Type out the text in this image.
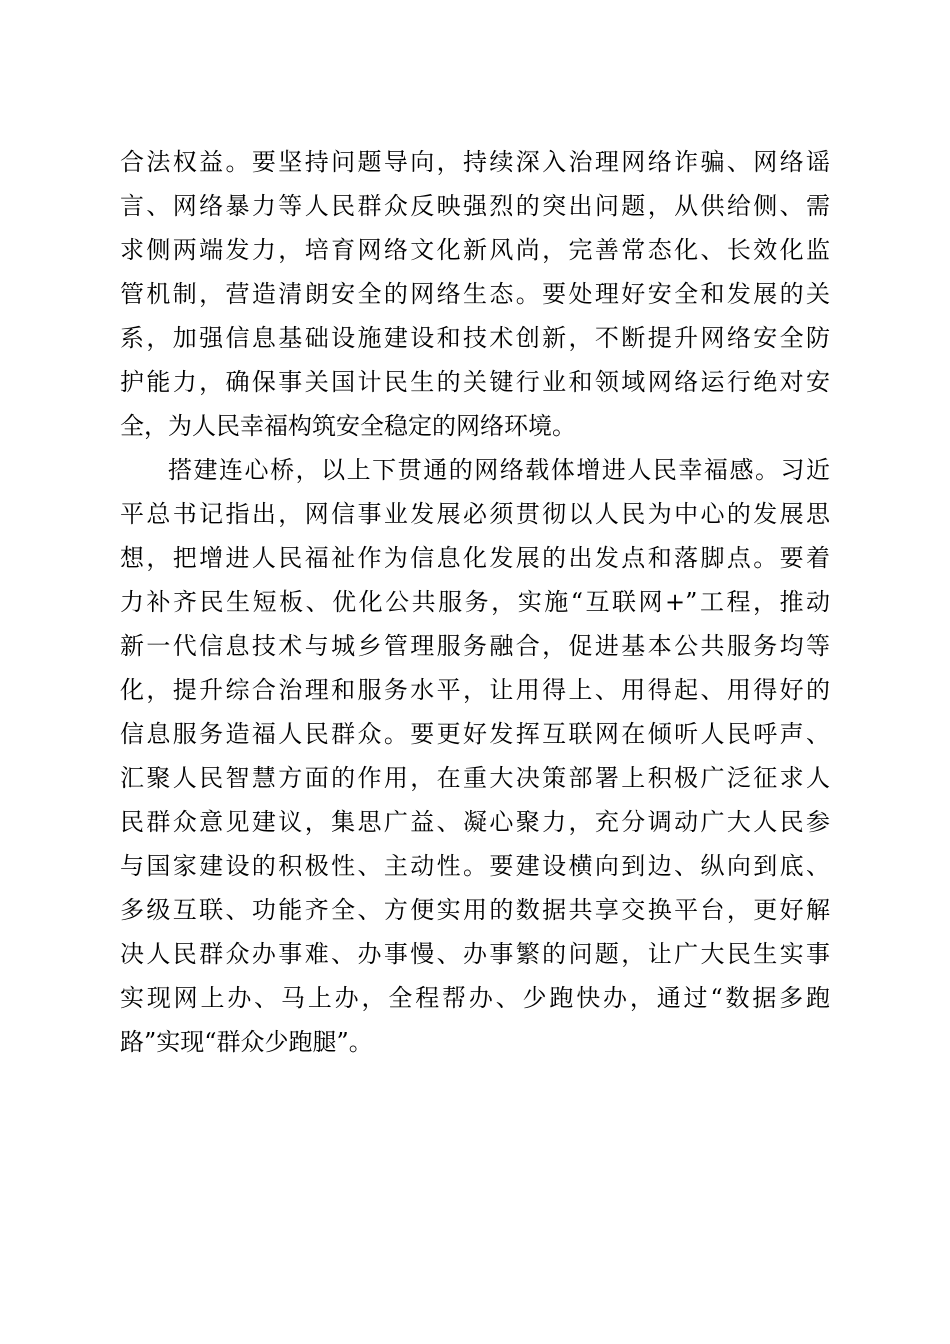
合法权益。要坚持问题导向，持续深入治理网络诈骗、网络谣
言、网络暴力等人民群众反映强烈的突出问题，从供给侧、需
求侧两端发力，培育网络文化新风尚，完善常态化、长效化监
管机制，营造清朗安全的网络生态。要处理好安全和发展的关
系，加强信息基础设施建设和技术创新，不断提升网络安全防
护能力，确保事关国计民生的关键行业和领域网络运行绝对安
全，为人民幸福构筑安全稳定的网络环境。
搭建连心桥，以上下贯通的网络载体增进人民幸福感。习近
平总书记指出，网信事业发展必须贯彻以人民为中心的发展思
想，把增进人民福祉作为信息化发展的出发点和落脚点。要着
力补齐民生短板、优化公共服务，实施“互联网+”工程，推动
新一代信息技术与城乡管理服务融合，促进基本公共服务均等
化，提升综合治理和服务水平，让用得上、用得起、用得好的
信息服务造福人民群众。要更好发挥互联网在倾听人民呼声、
汇聚人民智慧方面的作用，在重大决策部署上积极广泛征求人
民群众意见建议，集思广益、凝心聚力，充分调动广大人民参
与国家建设的积极性、主动性。要建设横向到边、纵向到底、
多级互联、功能齐全、方便实用的数据共享交换平台，更好解
决人民群众办事难、办事慢、办事繁的问题，让广大民生实事
实现网上办、马上办，全程帮办、少跑快办，通过“数据多跑
路”实现“群众少跑腿”。
